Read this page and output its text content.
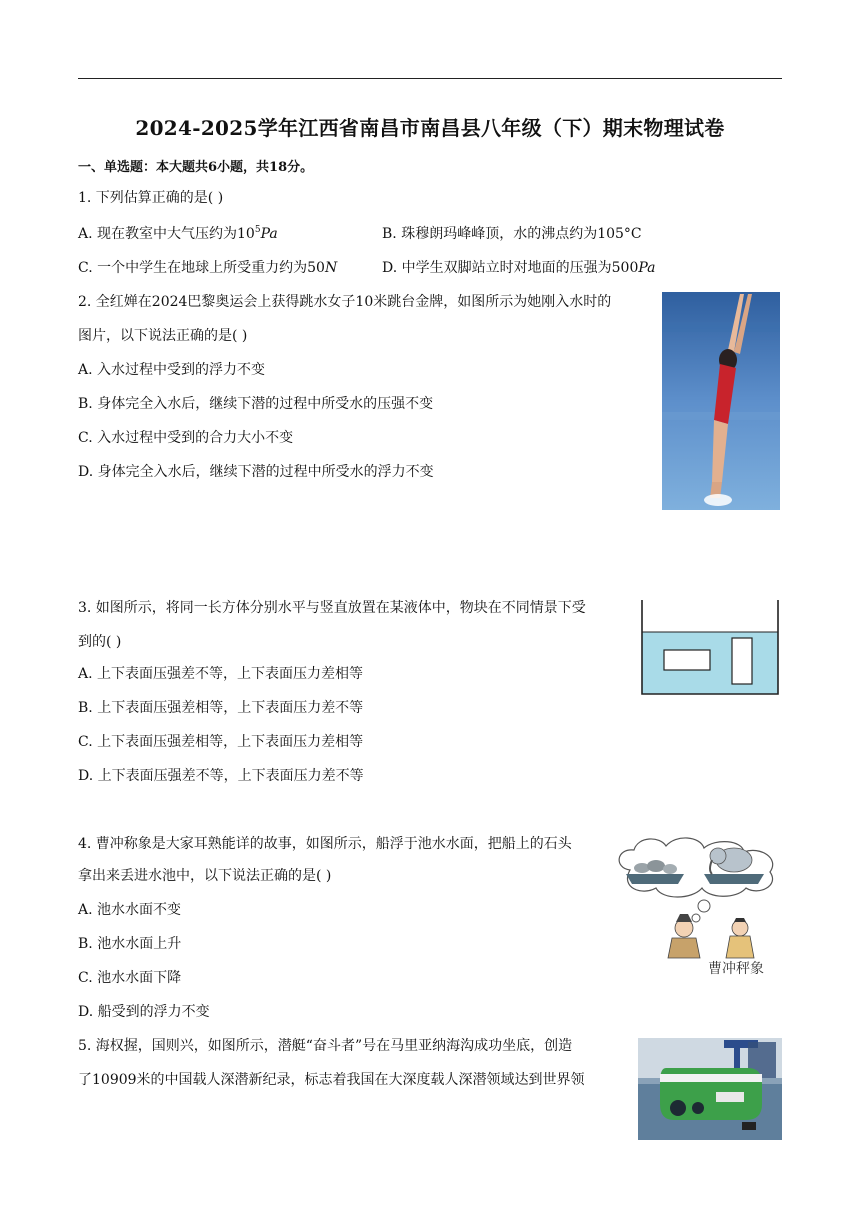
2024-2025学年江西省南昌市南昌县八年级（下）期末物理试卷
一、单选题：本大题共6小题，共18分。
1. 下列估算正确的是( )
A. 现在教室中大气压约为$10^5Pa$	B. 珠穆朗玛峰峰顶，水的沸点约为105°C
C. 一个中学生在地球上所受重力约为50N	D. 中学生双脚站立时对地面的压强为500Pa
2. 全红婵在2024巴黎奥运会上获得跳水女子10米跳台金牌，如图所示为她刚入水时的
图片，以下说法正确的是( )
A. 入水过程中受到的浮力不变
B. 身体完全入水后，继续下潜的过程中所受水的压强不变
C. 入水过程中受到的合力大小不变
D. 身体完全入水后，继续下潜的过程中所受水的浮力不变
3. 如图所示，将同一长方体分别水平与竖直放置在某液体中，物块在不同情景下受
到的( )
A. 上下表面压强差不等，上下表面压力差相等
B. 上下表面压强差相等，上下表面压力差不等
C. 上下表面压强差相等，上下表面压力差相等
D. 上下表面压强差不等，上下表面压力差不等
4. 曹冲称象是大家耳熟能详的故事，如图所示，船浮于池水水面，把船上的石头
拿出来丢进水池中，以下说法正确的是( )
A. 池水水面不变
B. 池水水面上升
C. 池水水面下降
D. 船受到的浮力不变
曹冲秤象
5. 海权握，国则兴，如图所示，潜艇“奋斗者”号在马里亚纳海沟成功坐底，创造
了10909米的中国载人深潜新纪录，标志着我国在大深度载人深潜领域达到世界领
